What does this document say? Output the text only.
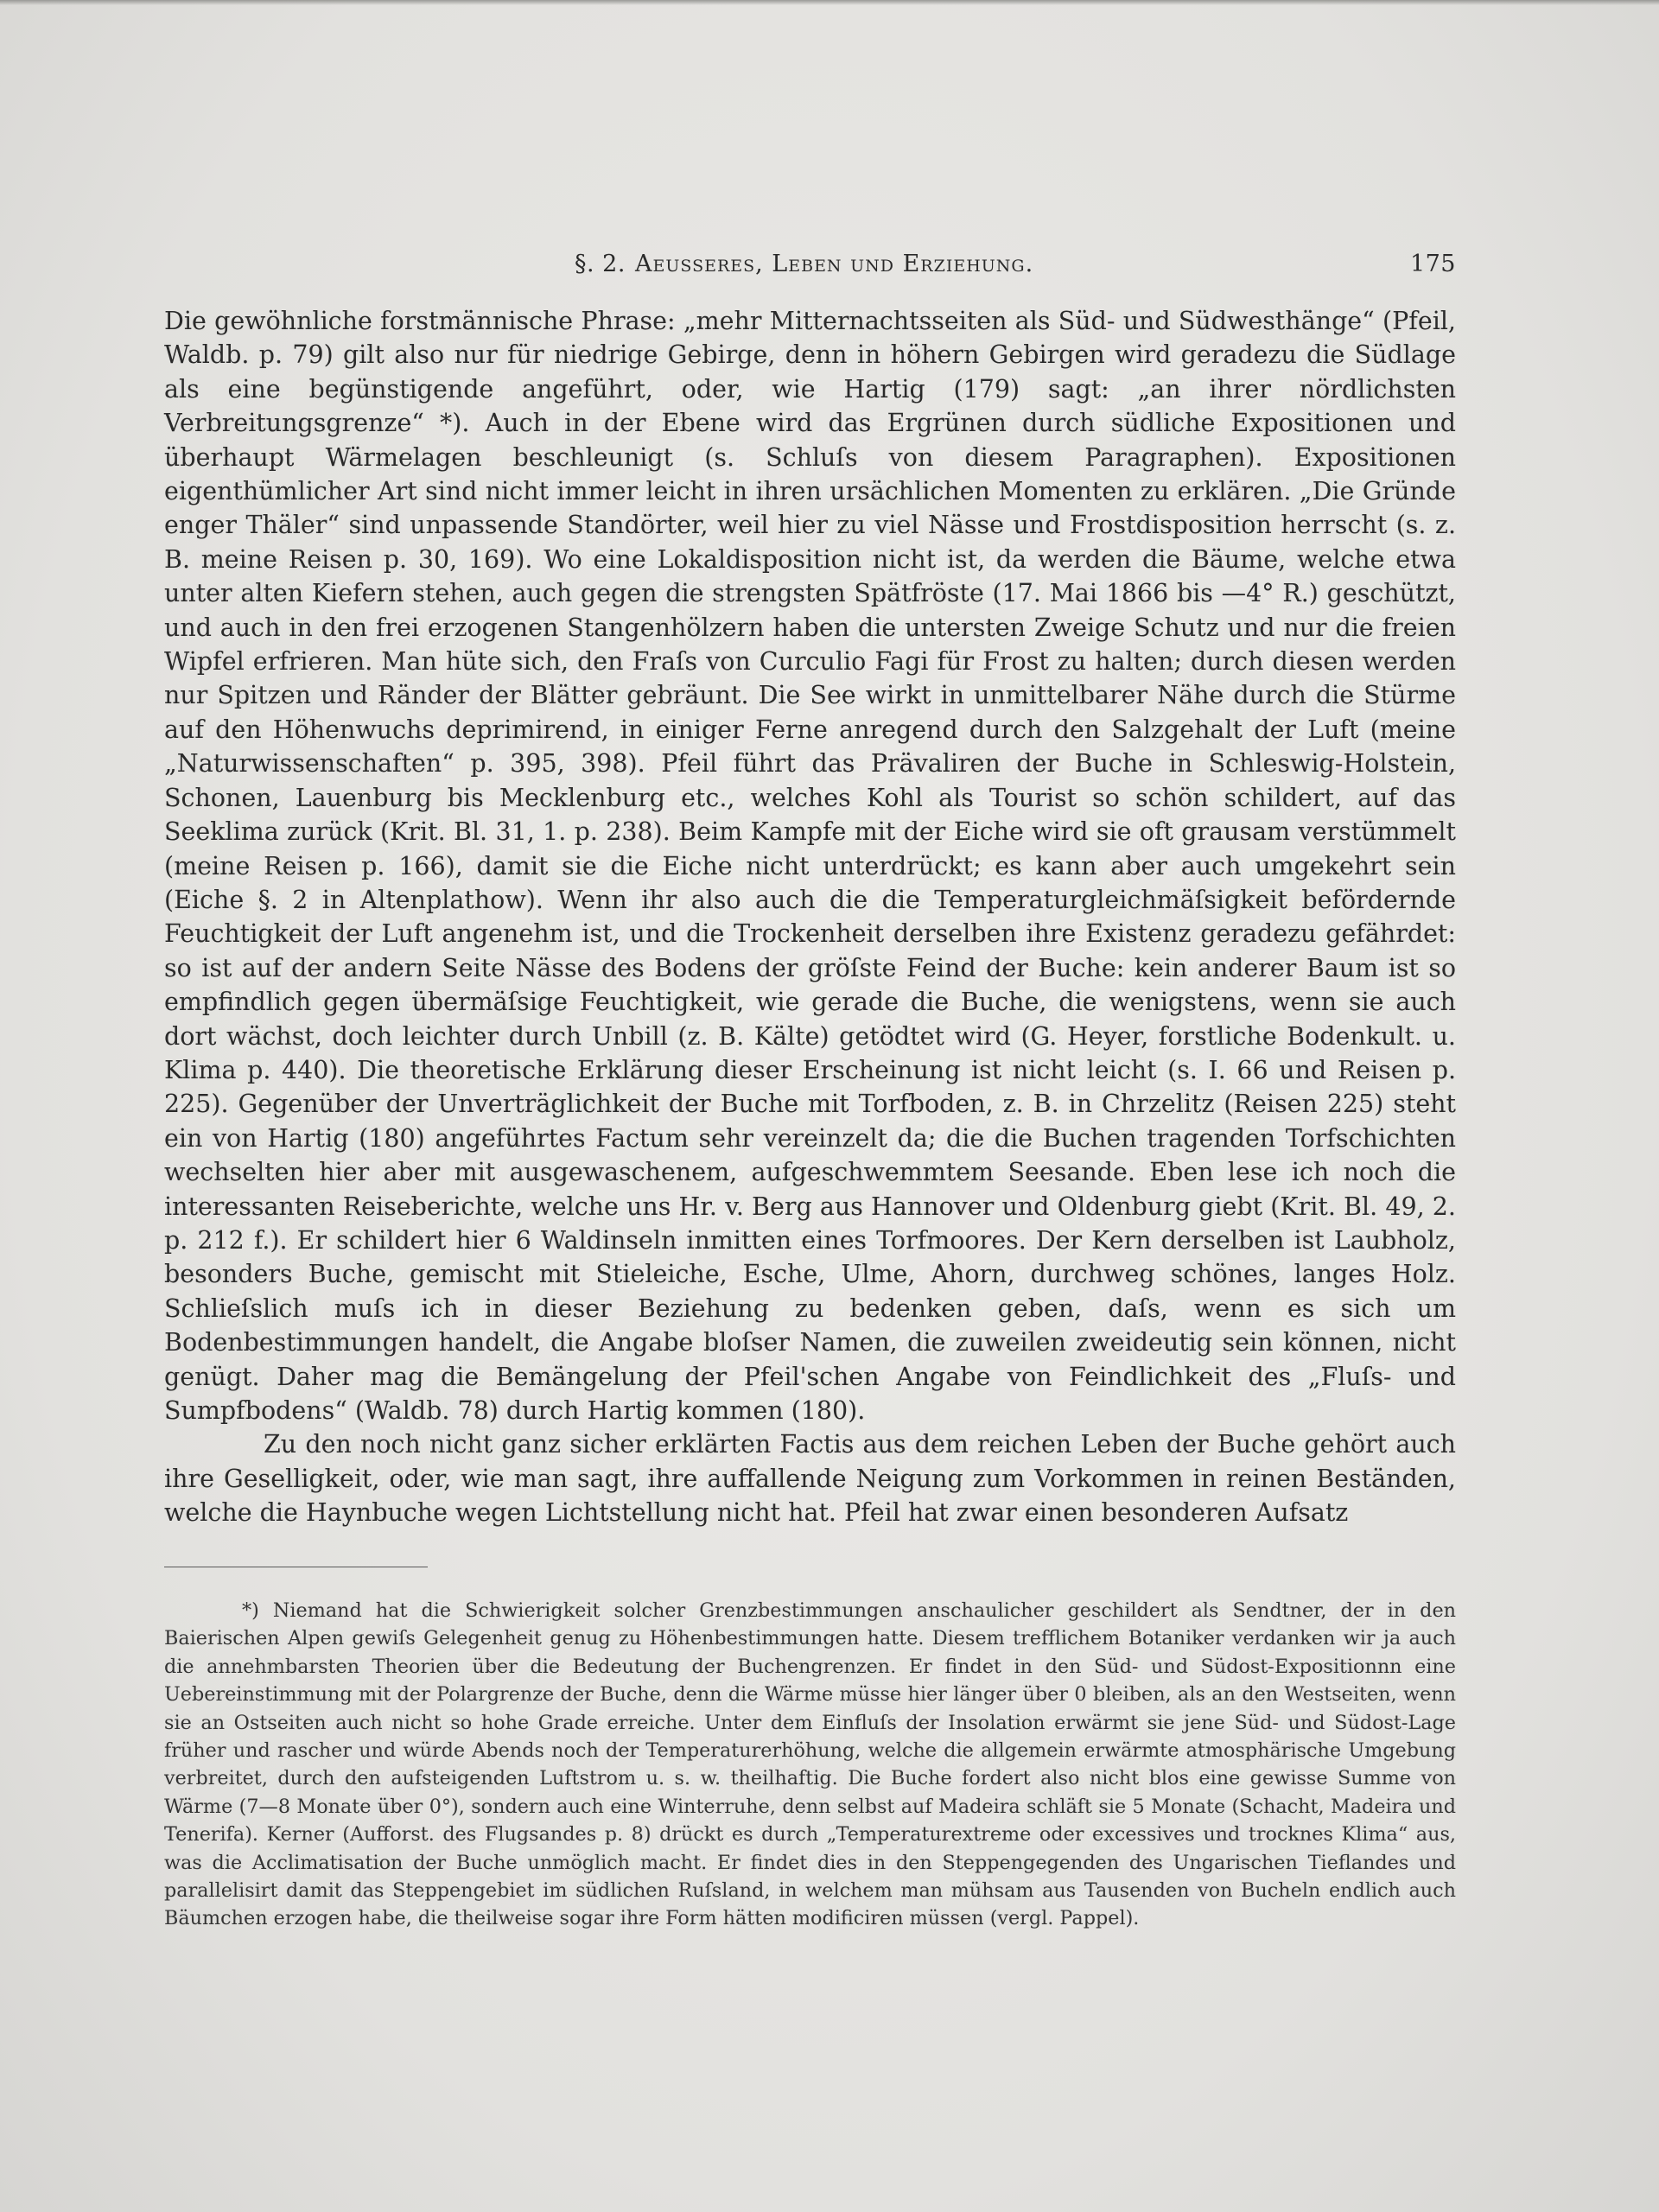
§. 2. Aeusseres, Leben und Erziehung.	175

Die gewöhnliche forstmännische Phrase: „mehr Mitternachtsseiten als Süd- und Südwesthänge“ (Pfeil, Waldb. p. 79) gilt also nur für niedrige Gebirge, denn in höhern Gebirgen wird geradezu die Südlage als eine begünstigende angeführt, oder, wie Hartig (179) sagt: „an ihrer nördlichsten Verbreitungsgrenze“ *). Auch in der Ebene wird das Ergrünen durch südliche Expositionen und überhaupt Wärmelagen beschleunigt (s. Schluſs von diesem Paragraphen). Expositionen eigenthümlicher Art sind nicht immer leicht in ihren ursächlichen Momenten zu erklären. „Die Gründe enger Thäler“ sind unpassende Standörter, weil hier zu viel Nässe und Frostdisposition herrscht (s. z. B. meine Reisen p. 30, 169). Wo eine Lokaldisposition nicht ist, da werden die Bäume, welche etwa unter alten Kiefern stehen, auch gegen die strengsten Spätfröste (17. Mai 1866 bis —4° R.) geschützt, und auch in den frei erzogenen Stangenhölzern haben die untersten Zweige Schutz und nur die freien Wipfel erfrieren. Man hüte sich, den Fraſs von Curculio Fagi für Frost zu halten; durch diesen werden nur Spitzen und Ränder der Blätter gebräunt. Die See wirkt in unmittelbarer Nähe durch die Stürme auf den Höhenwuchs deprimirend, in einiger Ferne anregend durch den Salzgehalt der Luft (meine „Naturwissenschaften“ p. 395, 398). Pfeil führt das Prävaliren der Buche in Schleswig-Holstein, Schonen, Lauenburg bis Mecklenburg etc., welches Kohl als Tourist so schön schildert, auf das Seeklima zurück (Krit. Bl. 31, 1. p. 238). Beim Kampfe mit der Eiche wird sie oft grausam verstümmelt (meine Reisen p. 166), damit sie die Eiche nicht unterdrückt; es kann aber auch umgekehrt sein (Eiche §. 2 in Altenplathow). Wenn ihr also auch die die Temperaturgleichmäſsigkeit befördernde Feuchtigkeit der Luft angenehm ist, und die Trockenheit derselben ihre Existenz geradezu gefährdet: so ist auf der andern Seite Nässe des Bodens der gröſste Feind der Buche: kein anderer Baum ist so empfindlich gegen übermäſsige Feuchtigkeit, wie gerade die Buche, die wenigstens, wenn sie auch dort wächst, doch leichter durch Unbill (z. B. Kälte) getödtet wird (G. Heyer, forstliche Bodenkult. u. Klima p. 440). Die theoretische Erklärung dieser Erscheinung ist nicht leicht (s. I. 66 und Reisen p. 225). Gegenüber der Unverträglichkeit der Buche mit Torfboden, z. B. in Chrzelitz (Reisen 225) steht ein von Hartig (180) angeführtes Factum sehr vereinzelt da; die die Buchen tragenden Torfschichten wechselten hier aber mit ausgewaschenem, aufgeschwemmtem Seesande. Eben lese ich noch die interessanten Reiseberichte, welche uns Hr. v. Berg aus Hannover und Oldenburg giebt (Krit. Bl. 49, 2. p. 212 f.). Er schildert hier 6 Waldinseln inmitten eines Torfmoores. Der Kern derselben ist Laubholz, besonders Buche, gemischt mit Stieleiche, Esche, Ulme, Ahorn, durchweg schönes, langes Holz. Schlieſslich muſs ich in dieser Beziehung zu bedenken geben, daſs, wenn es sich um Bodenbestimmungen handelt, die Angabe bloſser Namen, die zuweilen zweideutig sein können, nicht genügt. Daher mag die Bemängelung der Pfeil'schen Angabe von Feindlichkeit des „Fluſs- und Sumpfbodens“ (Waldb. 78) durch Hartig kommen (180).

Zu den noch nicht ganz sicher erklärten Factis aus dem reichen Leben der Buche gehört auch ihre Geselligkeit, oder, wie man sagt, ihre auffallende Neigung zum Vorkommen in reinen Beständen, welche die Haynbuche wegen Lichtstellung nicht hat. Pfeil hat zwar einen besonderen Aufsatz

*) Niemand hat die Schwierigkeit solcher Grenzbestimmungen anschaulicher geschildert als Sendtner, der in den Baierischen Alpen gewiſs Gelegenheit genug zu Höhenbestimmungen hatte. Diesem trefflichem Botaniker verdanken wir ja auch die annehmbarsten Theorien über die Bedeutung der Buchengrenzen. Er findet in den Süd- und Südost-Expositionnn eine Uebereinstimmung mit der Polargrenze der Buche, denn die Wärme müsse hier länger über 0 bleiben, als an den Westseiten, wenn sie an Ostseiten auch nicht so hohe Grade erreiche. Unter dem Einfluſs der Insolation erwärmt sie jene Süd- und Südost-Lage früher und rascher und würde Abends noch der Temperaturerhöhung, welche die allgemein erwärmte atmosphärische Umgebung verbreitet, durch den aufsteigenden Luftstrom u. s. w. theilhaftig. Die Buche fordert also nicht blos eine gewisse Summe von Wärme (7—8 Monate über 0°), sondern auch eine Winterruhe, denn selbst auf Madeira schläft sie 5 Monate (Schacht, Madeira und Tenerifa). Kerner (Aufforst. des Flugsandes p. 8) drückt es durch „Temperaturextreme oder excessives und trocknes Klima“ aus, was die Acclimatisation der Buche unmöglich macht. Er findet dies in den Steppengegenden des Ungarischen Tieflandes und parallelisirt damit das Steppengebiet im südlichen Ruſsland, in welchem man mühsam aus Tausenden von Bucheln endlich auch Bäumchen erzogen habe, die theilweise sogar ihre Form hätten modificiren müssen (vergl. Pappel).
